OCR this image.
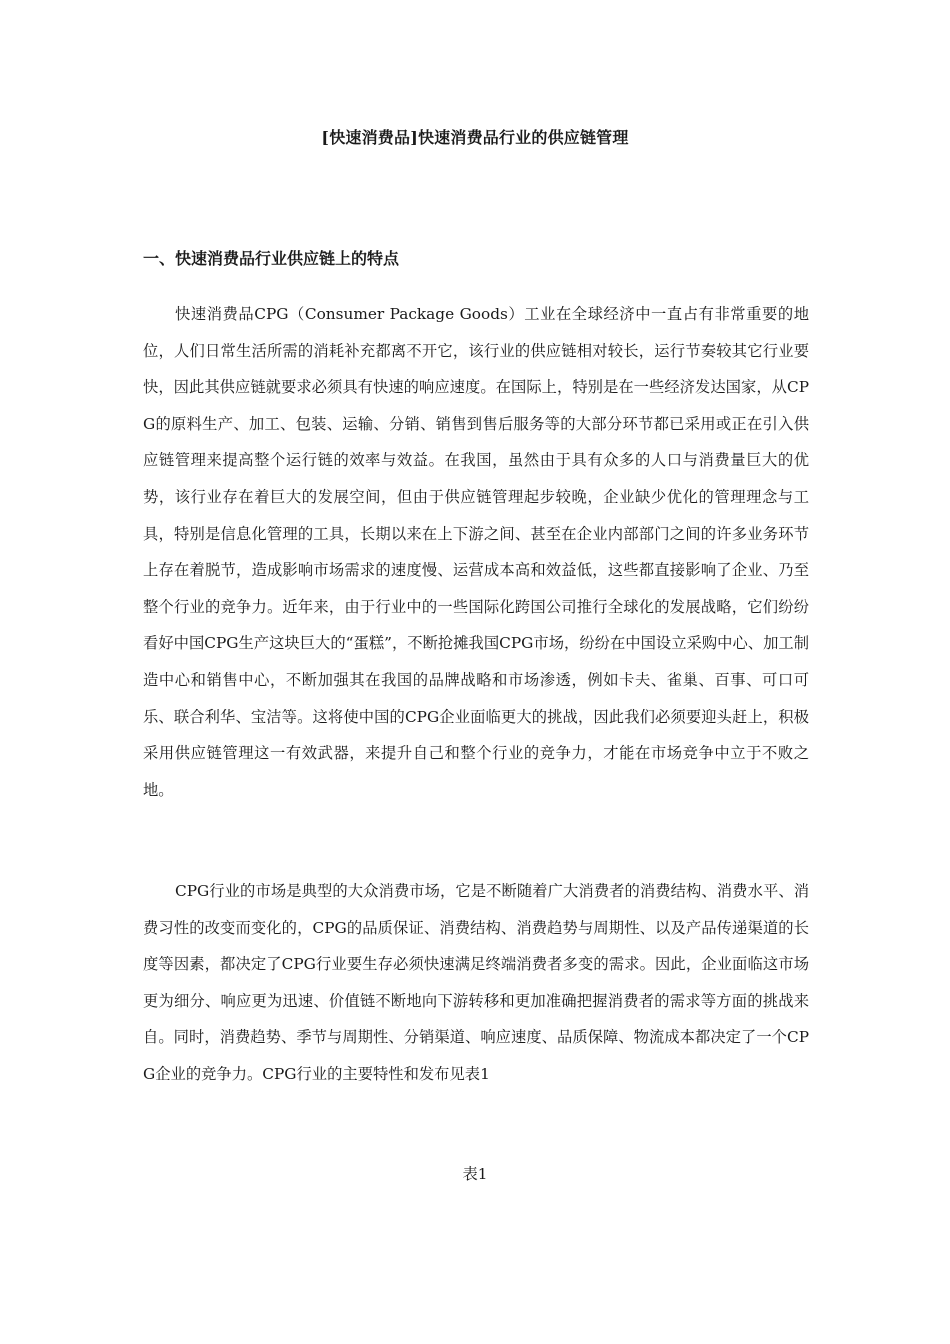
[快速消费品]快速消费品行业的供应链管理
一、快速消费品行业供应链上的特点

快速消费品CPG（Consumer Package Goods）工业在全球经济中一直占有非常重要的地位，人们日常生活所需的消耗补充都离不开它，该行业的供应链相对较长，运行节奏较其它行业要快，因此其供应链就要求必须具有快速的响应速度。在国际上，特别是在一些经济发达国家，从CPG的原料生产、加工、包装、运输、分销、销售到售后服务等的大部分环节都已采用或正在引入供应链管理来提高整个运行链的效率与效益。在我国，虽然由于具有众多的人口与消费量巨大的优势，该行业存在着巨大的发展空间，但由于供应链管理起步较晚，企业缺少优化的管理理念与工具，特别是信息化管理的工具，长期以来在上下游之间、甚至在企业内部部门之间的许多业务环节上存在着脱节，造成影响市场需求的速度慢、运营成本高和效益低，这些都直接影响了企业、乃至整个行业的竞争力。近年来，由于行业中的一些国际化跨国公司推行全球化的发展战略，它们纷纷看好中国CPG生产这块巨大的“蛋糕”，不断抢摊我国CPG市场，纷纷在中国设立采购中心、加工制造中心和销售中心，不断加强其在我国的品牌战略和市场渗透，例如卡夫、雀巢、百事、可口可乐、联合利华、宝洁等。这将使中国的CPG企业面临更大的挑战，因此我们必须要迎头赶上，积极采用供应链管理这一有效武器，来提升自己和整个行业的竞争力，才能在市场竞争中立于不败之地。

CPG行业的市场是典型的大众消费市场，它是不断随着广大消费者的消费结构、消费水平、消费习性的改变而变化的，CPG的品质保证、消费结构、消费趋势与周期性、以及产品传递渠道的长度等因素，都决定了CPG行业要生存必须快速满足终端消费者多变的需求。因此，企业面临这市场更为细分、响应更为迅速、价值链不断地向下游转移和更加准确把握消费者的需求等方面的挑战来自。同时，消费趋势、季节与周期性、分销渠道、响应速度、品质保障、物流成本都决定了一个CPG企业的竞争力。CPG行业的主要特性和发布见表1

表1
